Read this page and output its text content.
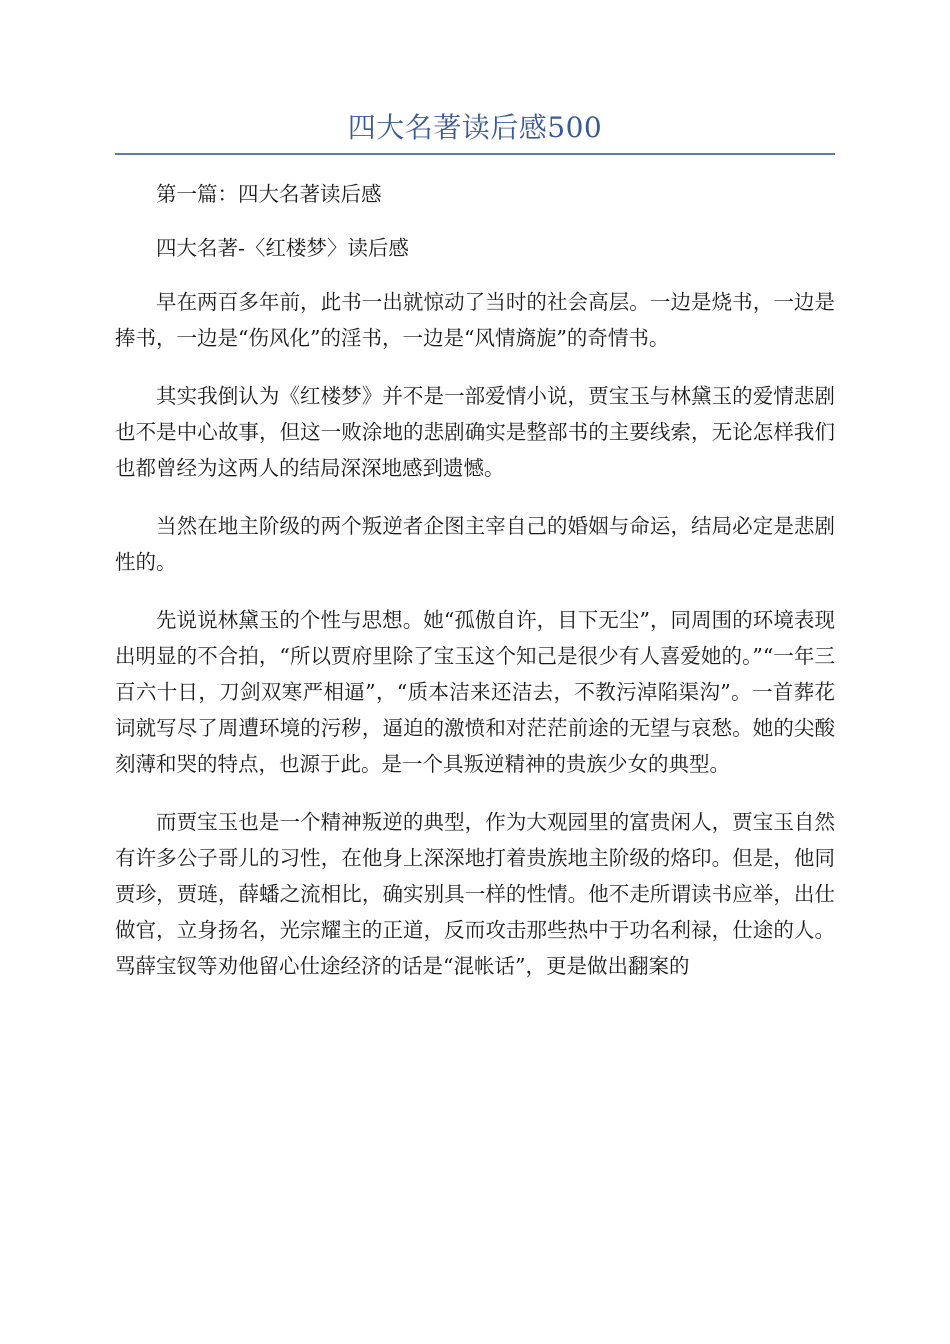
四大名著读后感500

第一篇：四大名著读后感

四大名著-〈红楼梦〉读后感

早在两百多年前，此书一出就惊动了当时的社会高层。一边是烧书，一边是捧书，一边是“伤风化”的淫书，一边是“风情旖旎”的奇情书。

其实我倒认为《红楼梦》并不是一部爱情小说，贾宝玉与林黛玉的爱情悲剧也不是中心故事，但这一败涂地的悲剧确实是整部书的主要线索，无论怎样我们也都曾经为这两人的结局深深地感到遗憾。

当然在地主阶级的两个叛逆者企图主宰自己的婚姻与命运，结局必定是悲剧性的。

先说说林黛玉的个性与思想。她“孤傲自许，目下无尘”，同周围的环境表现出明显的不合拍，“所以贾府里除了宝玉这个知己是很少有人喜爱她的。”“一年三百六十日，刀剑双寒严相逼”，“质本洁来还洁去，不教污淖陷渠沟”。一首葬花词就写尽了周遭环境的污秽，逼迫的激愤和对茫茫前途的无望与哀愁。她的尖酸刻薄和哭的特点，也源于此。是一个具叛逆精神的贵族少女的典型。

而贾宝玉也是一个精神叛逆的典型，作为大观园里的富贵闲人，贾宝玉自然有许多公子哥儿的习性，在他身上深深地打着贵族地主阶级的烙印。但是，他同贾珍，贾琏，薛蟠之流相比，确实别具一样的性情。他不走所谓读书应举，出仕做官，立身扬名，光宗耀主的正道，反而攻击那些热中于功名利禄，仕途的人。骂薛宝钗等劝他留心仕途经济的话是“混帐话”，更是做出翻案的
